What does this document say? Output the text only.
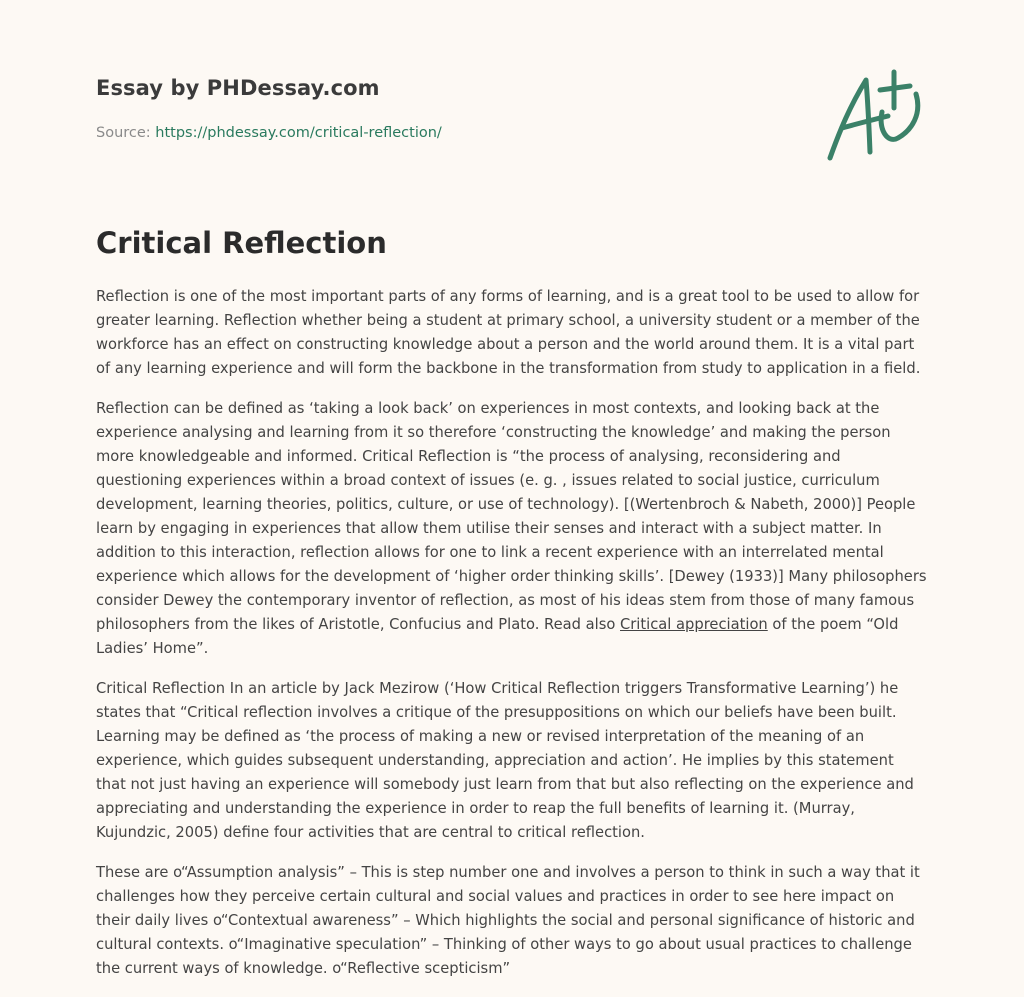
Essay by PHDessay.com
Source: https://phdessay.com/critical-reflection/
Critical Reflection

Reflection is one of the most important parts of any forms of learning, and is a great tool to be used to allow for greater learning. Reflection whether being a student at primary school, a university student or a member of the workforce has an effect on constructing knowledge about a person and the world around them. It is a vital part of any learning experience and will form the backbone in the transformation from study to application in a field.

Reflection can be defined as ‘taking a look back’ on experiences in most contexts, and looking back at the experience analysing and learning from it so therefore ‘constructing the knowledge’ and making the person more knowledgeable and informed. Critical Reflection is “the process of analysing, reconsidering and questioning experiences within a broad context of issues (e. g. , issues related to social justice, curriculum development, learning theories, politics, culture, or use of technology). [(Wertenbroch & Nabeth, 2000)] People learn by engaging in experiences that allow them utilise their senses and interact with a subject matter. In addition to this interaction, reflection allows for one to link a recent experience with an interrelated mental experience which allows for the development of ‘higher order thinking skills’. [Dewey (1933)] Many philosophers consider Dewey the contemporary inventor of reflection, as most of his ideas stem from those of many famous philosophers from the likes of Aristotle, Confucius and Plato. Read also Critical appreciation of the poem “Old Ladies’ Home”.

Critical Reflection In an article by Jack Mezirow (‘How Critical Reflection triggers Transformative Learning’) he states that “Critical reflection involves a critique of the presuppositions on which our beliefs have been built. Learning may be defined as ‘the process of making a new or revised interpretation of the meaning of an experience, which guides subsequent understanding, appreciation and action’. He implies by this statement that not just having an experience will somebody just learn from that but also reflecting on the experience and appreciating and understanding the experience in order to reap the full benefits of learning it. (Murray, Kujundzic, 2005) define four activities that are central to critical reflection.

These are o“Assumption analysis” – This is step number one and involves a person to think in such a way that it challenges how they perceive certain cultural and social values and practices in order to see here impact on their daily lives o“Contextual awareness” – Which highlights the social and personal significance of historic and cultural contexts. o“Imaginative speculation” – Thinking of other ways to go about usual practices to challenge the current ways of knowledge. o“Reflective scepticism”
